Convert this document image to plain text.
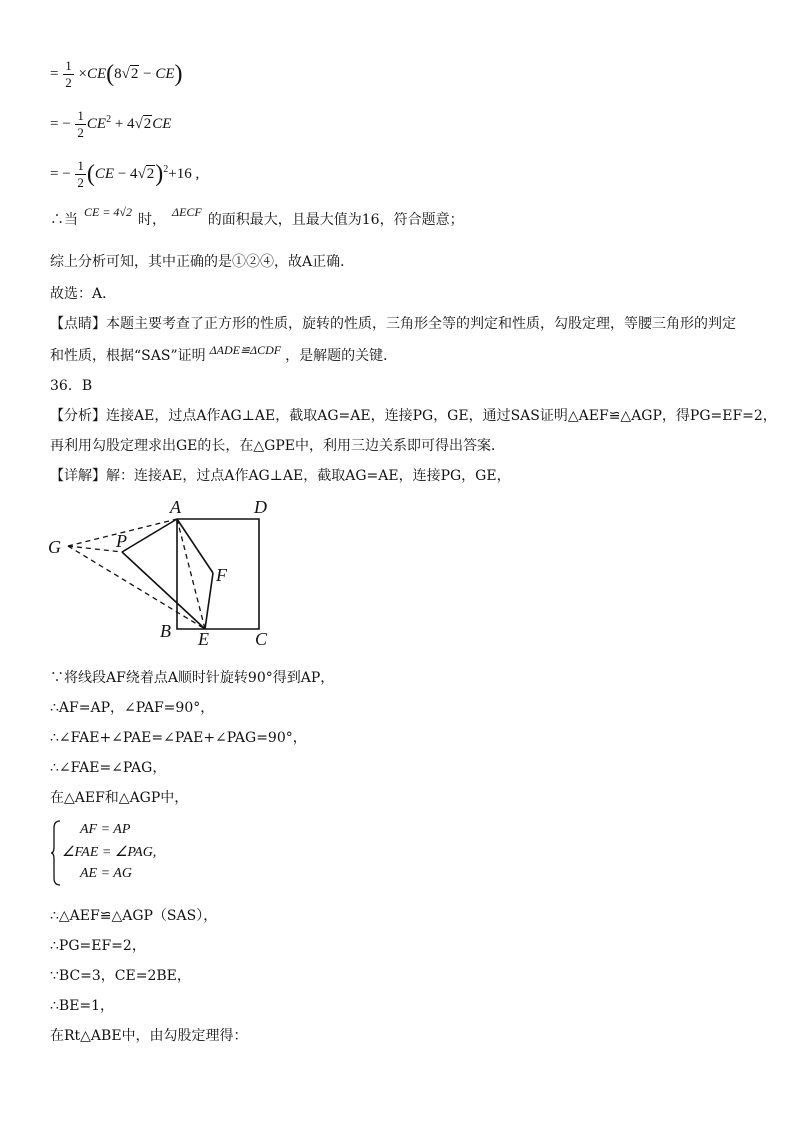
= $\frac{1}{2} \times CE(8√2 - CE)$
= − $\frac{1}{2} CE^2 + 4√2CE$
= − $\frac{1}{2} (CE - 4√2)^2+16$ ,
∴当 CE = 4√2 时， ΔECF 的面积最大，且最大值为16，符合题意；
综上分析可知，其中正确的是①②④，故A正确．
故选：A．
【点睛】本题主要考查了正方形的性质，旋转的性质，三角形全等的判定和性质，勾股定理，等腰三角形的判定
和性质，根据“SAS”证明 ΔADE≌ΔCDF ，是解题的关键．
36．B
【分析】连接AE，过点A作AG⊥AE，截取AG=AE，连接PG，GE，通过SAS证明△AEF≌△AGP，得PG=EF=2，
再利用勾股定理求出GE的长，在△GPE中，利用三边关系即可得出答案．
【详解】解：连接AE，过点A作AG⊥AE，截取AG=AE，连接PG，GE，
A	D
G	P
F
B E	C
∵将线段AF绕着点A顺时针旋转90°得到AP，
∴AF=AP，∠PAF=90°，
∴∠FAE+∠PAE=∠PAE+∠PAG=90°，
∴∠FAE=∠PAG，
在△AEF和△AGP中，
AF = AP
∠FAE = ∠PAG,
AE = AG
∴△AEF≌△AGP（SAS），
∴PG=EF=2，
∵BC=3，CE=2BE，
∴BE=1，
在Rt△ABE中，由勾股定理得：
